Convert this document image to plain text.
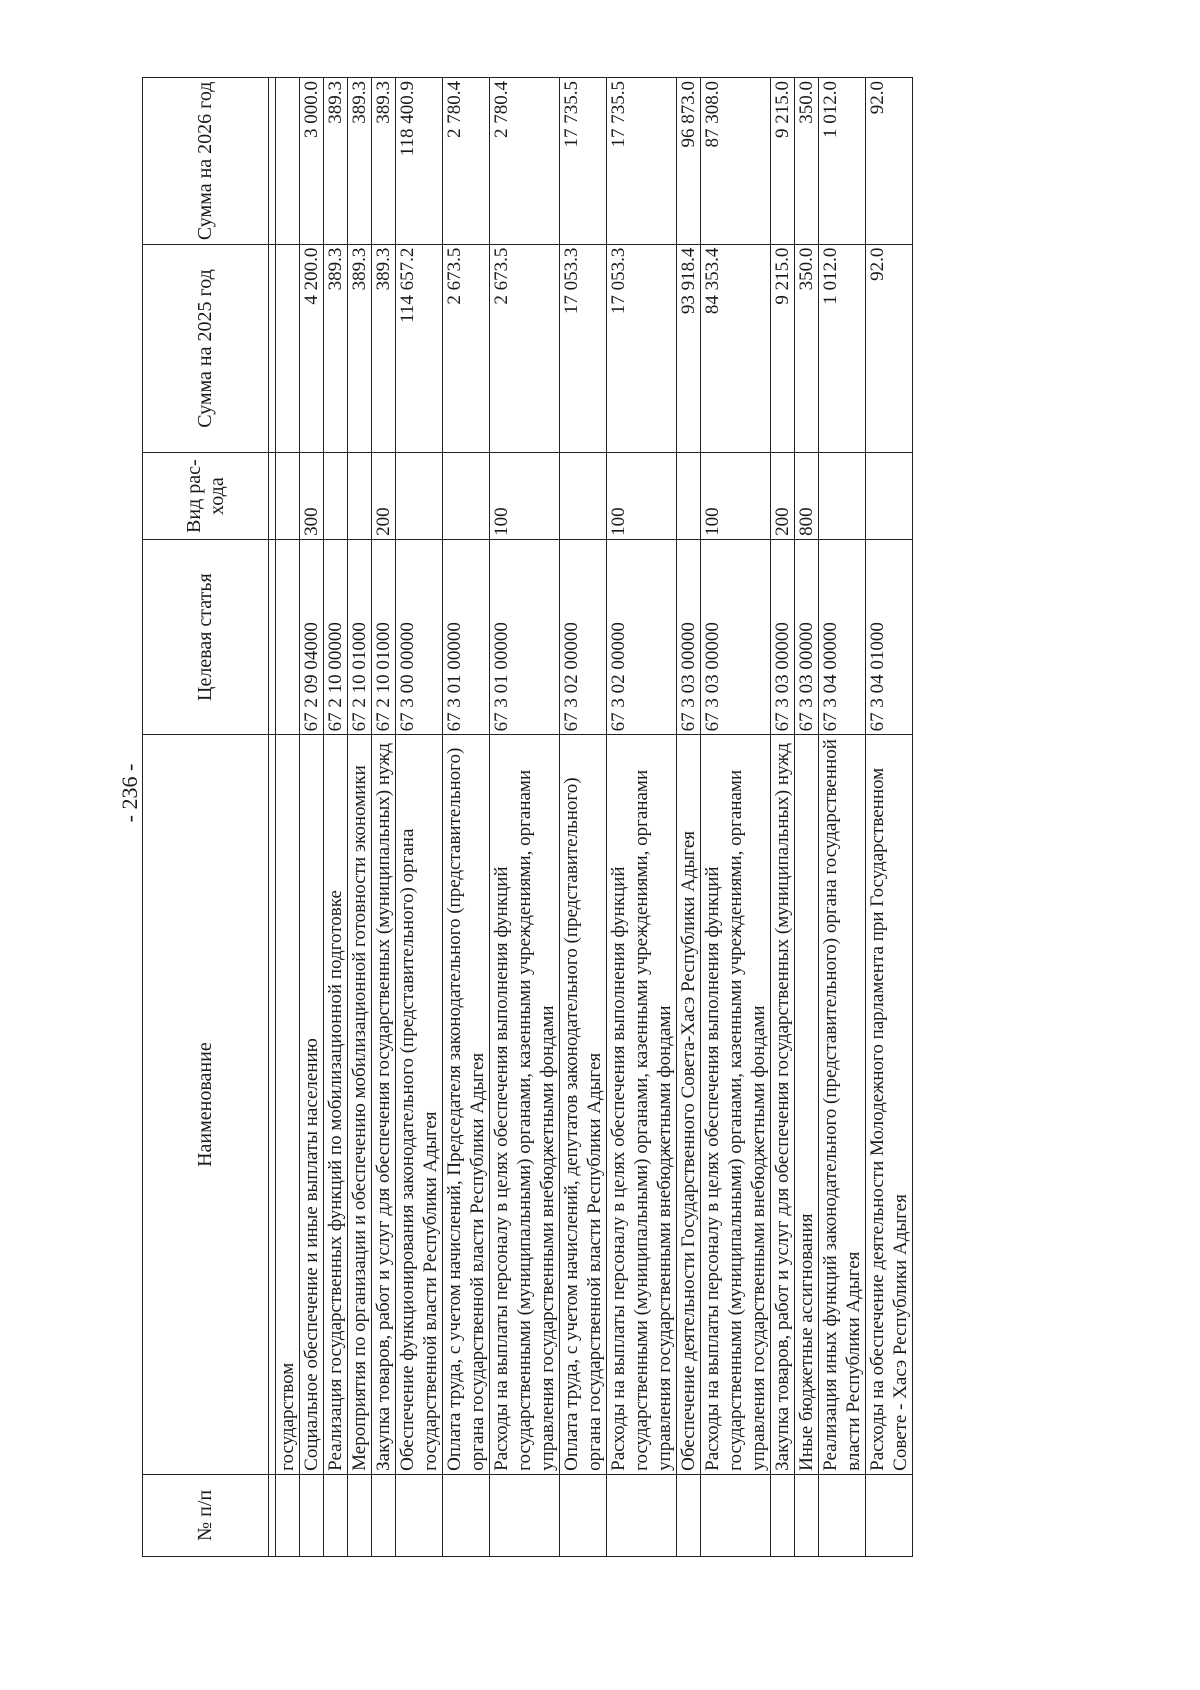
- 236 -
№ п/п	Наименование	Целевая статья	Вид рас-хода	Сумма на 2025 год	Сумма на 2026 год

	государством				
	Социальное обеспечение и иные выплаты населению	67 2 09 04000	300	4 200.0	3 000.0
	Реализация государственных функций по мобилизационной подготовке	67 2 10 00000		389.3	389.3
	Мероприятия по организации и обеспечению мобилизационной готовности экономики	67 2 10 01000		389.3	389.3
	Закупка товаров, работ и услуг для обеспечения государственных (муниципальных) нужд	67 2 10 01000	200	389.3	389.3
	Обеспечение функционирования законодательного (представительного) органа государственной власти Республики Адыгея	67 3 00 00000		114 657.2	118 400.9
	Оплата труда, с учетом начислений, Председателя законодательного (представительного) органа государственной власти Республики Адыгея	67 3 01 00000		2 673.5	2 780.4
	Расходы на выплаты персоналу в целях обеспечения выполнения функций государственными (муниципальными) органами, казенными учреждениями, органами управления государственными внебюджетными фондами	67 3 01 00000	100	2 673.5	2 780.4
	Оплата труда, с учетом начислений, депутатов законодательного (представительного) органа государственной власти Республики Адыгея	67 3 02 00000		17 053.3	17 735.5
	Расходы на выплаты персоналу в целях обеспечения выполнения функций государственными (муниципальными) органами, казенными учреждениями, органами управления государственными внебюджетными фондами	67 3 02 00000	100	17 053.3	17 735.5
	Обеспечение деятельности Государственного Совета-Хасэ Республики Адыгея	67 3 03 00000		93 918.4	96 873.0
	Расходы на выплаты персоналу в целях обеспечения выполнения функций государственными (муниципальными) органами, казенными учреждениями, органами управления государственными внебюджетными фондами	67 3 03 00000	100	84 353.4	87 308.0
	Закупка товаров, работ и услуг для обеспечения государственных (муниципальных) нужд	67 3 03 00000	200	9 215.0	9 215.0
	Иные бюджетные ассигнования	67 3 03 00000	800	350.0	350.0
	Реализация иных функций законодательного (представительного) органа государственной власти Республики Адыгея	67 3 04 00000		1 012.0	1 012.0
	Расходы на обеспечение деятельности Молодежного парламента при Государственном Совете - Хасэ Республики Адыгея	67 3 04 01000		92.0	92.0
